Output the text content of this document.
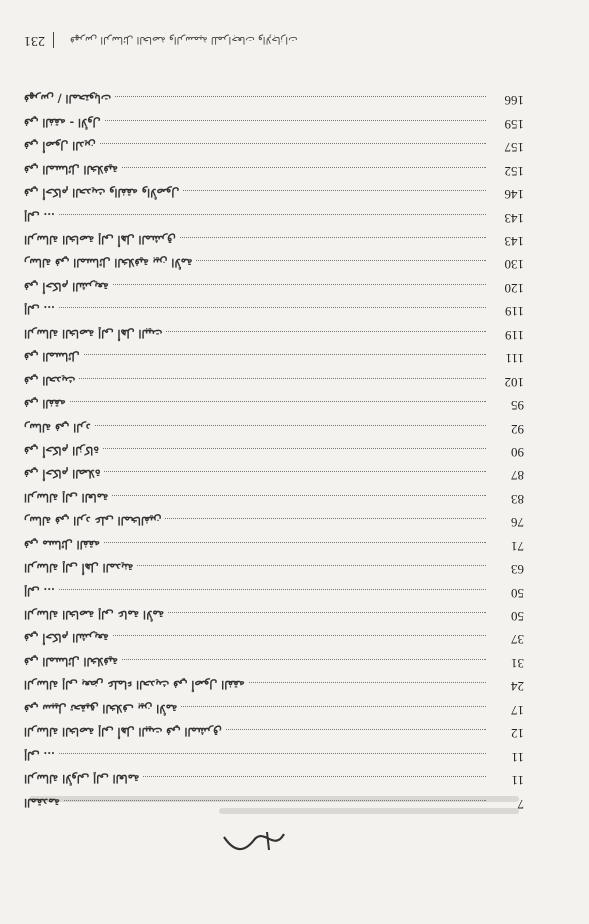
المقدمة	7
الرسالة الأولى إلى العامة	11
إلى ...	11
الرسالة الخاصة إلى أهل البيت في المشرق	12
في سبيل تحقيق الخلاف بين الأمة	17
الرسالة إلى بعض علماء الحديث في أصول الفقه	24
في المسائل الخلافية	31
في أحكام الشريعة	37
الرسالة الخاصة إلى عامة الأمة	50
إلى ...	50
الرسالة إلى أهل المدينة	63
في مسائل الفقه	71
رسالة في الرد على المخالفين	76
الرسالة إلى العامة	83
في أحكام الصلاة	87
في أحكام الزكاة	90
رسالة في الرد	92
في الفقه	95
في الحديث	102
في المسائل	111
الرسالة الخاصة إلى أهل البيت	119
إلى ...	119
في أحكام الشريعة	120
رسالة في المسائل الخلافية بين الأمة	130
الرسالة الخاصة إلى أهل المشرق	143
إلى ...	143
في أحكام الحديث والفقه والأصول	146
في المسائل الخلافية	152
في أصول الدين	157
في الفقه - الأول	159
فهرس / المحتويات	166
231	فهرس الرسائل الخاصة والرسمية للمراجعات والإجازات
